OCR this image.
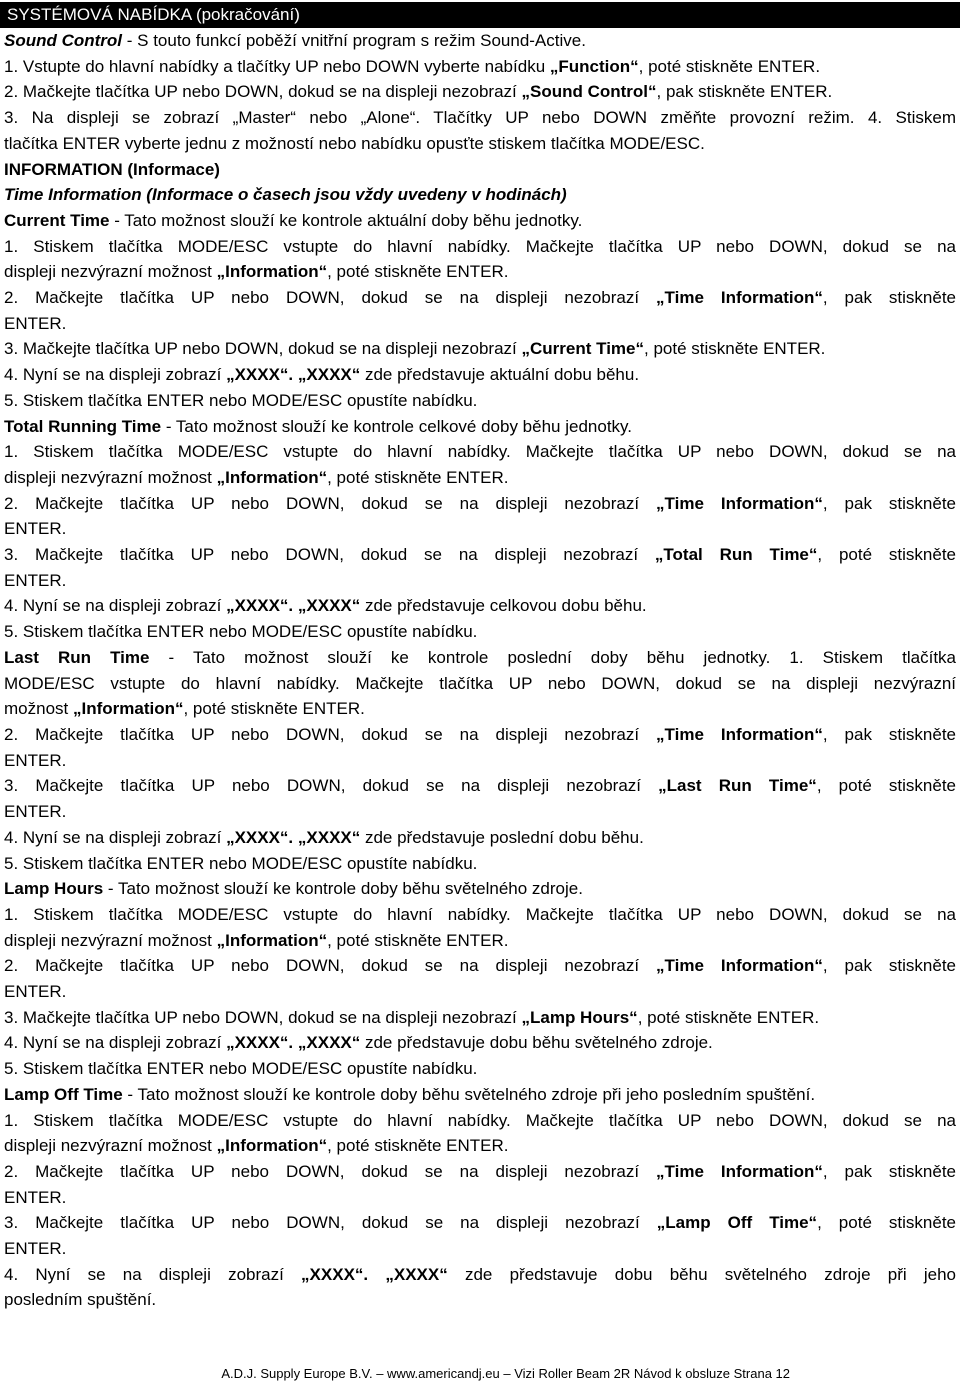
SYSTÉMOVÁ NABÍDKA (pokračování)

Sound Control - S touto funkcí poběží vnitřní program s režim Sound-Active.

1. Vstupte do hlavní nabídky a tlačítky UP nebo DOWN vyberte nabídku „Function“, poté stiskněte ENTER.

2. Mačkejte tlačítka UP nebo DOWN, dokud se na displeji nezobrazí „Sound Control“, pak stiskněte ENTER.

3. Na displeji se zobrazí „Master“ nebo „Alone“. Tlačítky UP nebo DOWN změňte provozní režim. 4. Stiskem

tlačítka ENTER vyberte jednu z možností nebo nabídku opusťte stiskem tlačítka MODE/ESC.

INFORMATION (Informace)

Time Information (Informace o časech jsou vždy uvedeny v hodinách)

Current Time - Tato možnost slouží ke kontrole aktuální doby běhu jednotky.

1. Stiskem tlačítka MODE/ESC vstupte do hlavní nabídky. Mačkejte tlačítka UP nebo DOWN, dokud se na

displeji nezvýrazní možnost „Information“, poté stiskněte ENTER.

2. Mačkejte tlačítka UP nebo DOWN, dokud se na displeji nezobrazí „Time Information“, pak stiskněte

ENTER.

3. Mačkejte tlačítka UP nebo DOWN, dokud se na displeji nezobrazí „Current Time“, poté stiskněte ENTER.

4. Nyní se na displeji zobrazí „XXXX“. „XXXX“ zde představuje aktuální dobu běhu.

5. Stiskem tlačítka ENTER nebo MODE/ESC opustíte nabídku.

Total Running Time - Tato možnost slouží ke kontrole celkové doby běhu jednotky.

1. Stiskem tlačítka MODE/ESC vstupte do hlavní nabídky. Mačkejte tlačítka UP nebo DOWN, dokud se na

displeji nezvýrazní možnost „Information“, poté stiskněte ENTER.

2. Mačkejte tlačítka UP nebo DOWN, dokud se na displeji nezobrazí „Time Information“, pak stiskněte

ENTER.

3. Mačkejte tlačítka UP nebo DOWN, dokud se na displeji nezobrazí „Total Run Time“, poté stiskněte

ENTER.

4. Nyní se na displeji zobrazí „XXXX“. „XXXX“ zde představuje celkovou dobu běhu.

5. Stiskem tlačítka ENTER nebo MODE/ESC opustíte nabídku.

Last Run Time - Tato možnost slouží ke kontrole poslední doby běhu jednotky. 1. Stiskem tlačítka

MODE/ESC vstupte do hlavní nabídky. Mačkejte tlačítka UP nebo DOWN, dokud se na displeji nezvýrazní

možnost „Information“, poté stiskněte ENTER.

2. Mačkejte tlačítka UP nebo DOWN, dokud se na displeji nezobrazí „Time Information“, pak stiskněte

ENTER.

3. Mačkejte tlačítka UP nebo DOWN, dokud se na displeji nezobrazí „Last Run Time“, poté stiskněte

ENTER.

4. Nyní se na displeji zobrazí „XXXX“. „XXXX“ zde představuje poslední dobu běhu.

5. Stiskem tlačítka ENTER nebo MODE/ESC opustíte nabídku.

Lamp Hours - Tato možnost slouží ke kontrole doby běhu světelného zdroje.

1. Stiskem tlačítka MODE/ESC vstupte do hlavní nabídky. Mačkejte tlačítka UP nebo DOWN, dokud se na

displeji nezvýrazní možnost „Information“, poté stiskněte ENTER.

2. Mačkejte tlačítka UP nebo DOWN, dokud se na displeji nezobrazí „Time Information“, pak stiskněte

ENTER.

3. Mačkejte tlačítka UP nebo DOWN, dokud se na displeji nezobrazí „Lamp Hours“, poté stiskněte ENTER.

4. Nyní se na displeji zobrazí „XXXX“. „XXXX“ zde představuje dobu běhu světelného zdroje.

5. Stiskem tlačítka ENTER nebo MODE/ESC opustíte nabídku.

Lamp Off Time - Tato možnost slouží ke kontrole doby běhu světelného zdroje při jeho posledním spuštění.

1. Stiskem tlačítka MODE/ESC vstupte do hlavní nabídky. Mačkejte tlačítka UP nebo DOWN, dokud se na

displeji nezvýrazní možnost „Information“, poté stiskněte ENTER.

2. Mačkejte tlačítka UP nebo DOWN, dokud se na displeji nezobrazí „Time Information“, pak stiskněte

ENTER.

3. Mačkejte tlačítka UP nebo DOWN, dokud se na displeji nezobrazí „Lamp Off Time“, poté stiskněte

ENTER.

4. Nyní se na displeji zobrazí „XXXX“. „XXXX“ zde představuje dobu běhu světelného zdroje při jeho

posledním spuštění.

A.D.J. Supply Europe B.V. – www.americandj.eu – Vizi Roller Beam 2R Návod k obsluze Strana 12
